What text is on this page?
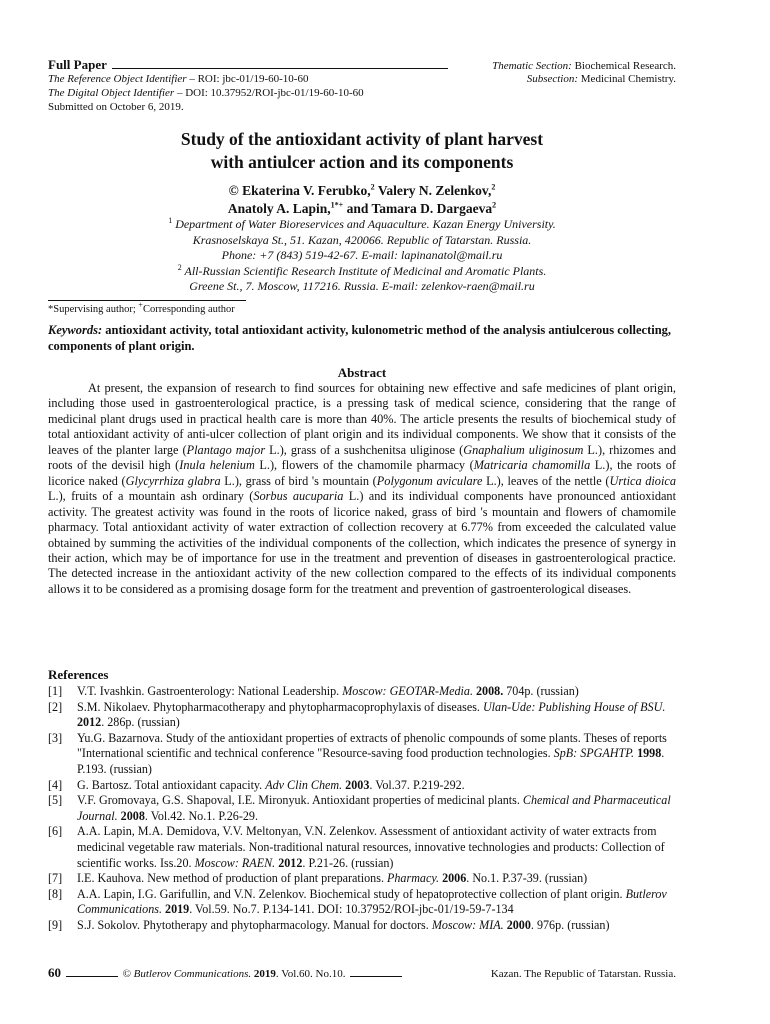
Full Paper	Thematic Section: Biochemical Research.
The Reference Object Identifier – ROI: jbc-01/19-60-10-60	Subsection: Medicinal Chemistry.
The Digital Object Identifier – DOI: 10.37952/ROI-jbc-01/19-60-10-60
Submitted on October 6, 2019.
Study of the antioxidant activity of plant harvest
with antiulcer action and its components
© Ekaterina V. Ferubko,$^2$ Valery N. Zelenkov,$^2$
Anatoly A. Lapin,$^{1*+}$ and Tamara D. Dargaeva$^2$
$^1$ Department of Water Bioreservices and Aquaculture. Kazan Energy University.
Krasnoselskaya St., 51. Kazan, 420066. Republic of Tatarstan. Russia.
Phone: +7 (843) 519-42-67. E-mail: lapinanatol@mail.ru
$^2$ All-Russian Scientific Research Institute of Medicinal and Aromatic Plants.
Greene St., 7. Moscow, 117216. Russia. E-mail: zelenkov-raen@mail.ru
*Supervising author; +Corresponding author
Keywords: antioxidant activity, total antioxidant activity, kulonometric method of the analysis antiulcerous collecting, components of plant origin.
Abstract

At present, the expansion of research to find sources for obtaining new effective and safe medicines of plant origin, including those used in gastroenterological practice, is a pressing task of medical science, considering that the range of medicinal plant drugs used in practical health care is more than 40%. The article presents the results of biochemical study of total antioxidant activity of anti-ulcer collection of plant origin and its individual components. We show that it consists of the leaves of the planter large (Plantago major L.), grass of a sushchenitsa uliginose (Gnaphalium uliginosum L.), rhizomes and roots of the devisil high (Inula helenium L.), flowers of the chamomile pharmacy (Matricaria chamomilla L.), the roots of licorice naked (Glycyrrhiza glabra L.), grass of bird 's mountain (Polygonum aviculare L.), leaves of the nettle (Urtica dioica L.), fruits of a mountain ash ordinary (Sorbus aucuparia L.) and its individual components have pronounced antioxidant activity. The greatest activity was found in the roots of licorice naked, grass of bird 's mountain and flowers of chamomile pharmacy. Total antioxidant activity of water extraction of collection recovery at 6.77% from exceeded the calculated value obtained by summing the activities of the individual components of the collection, which indicates the presence of synergy in their action, which may be of importance for use in the treatment and prevention of diseases in gastroenterological practice. The detected increase in the antioxidant activity of the new collection compared to the effects of its individual components allows it to be considered as a promising dosage form for the treatment and prevention of gastroenterological diseases.

References
[1] V.T. Ivashkin. Gastroenterology: National Leadership. Moscow: GEOTAR-Media. 2008. 704p. (russian)
[2] S.M. Nikolaev. Phytopharmacotherapy and phytopharmacoprophylaxis of diseases. Ulan-Ude: Publishing House of BSU. 2012. 286p. (russian)
[3] Yu.G. Bazarnova. Study of the antioxidant properties of extracts of phenolic compounds of some plants. Theses of reports "International scientific and technical conference "Resource-saving food production technologies. SpB: SPGAHTP. 1998. P.193. (russian)
[4] G. Bartosz. Total antioxidant capacity. Adv Clin Chem. 2003. Vol.37. P.219-292.
[5] V.F. Gromovaya, G.S. Shapoval, I.E. Mironyuk. Antioxidant properties of medicinal plants. Chemical and Pharmaceutical Journal. 2008. Vol.42. No.1. P.26-29.
[6] A.A. Lapin, M.A. Demidova, V.V. Meltonyan, V.N. Zelenkov. Assessment of antioxidant activity of water extracts from medicinal vegetable raw materials. Non-traditional natural resources, innovative technologies and products: Collection of scientific works. Iss.20. Moscow: RAEN. 2012. P.21-26. (russian)
[7] I.E. Kauhova. New method of production of plant preparations. Pharmacy. 2006. No.1. P.37-39. (russian)
[8] A.A. Lapin, I.G. Garifullin, and V.N. Zelenkov. Biochemical study of hepatoprotective collection of plant origin. Butlerov Communications. 2019. Vol.59. No.7. P.134-141. DOI: 10.37952/ROI-jbc-01/19-59-7-134
[9] S.J. Sokolov. Phytotherapy and phytopharmacology. Manual for doctors. Moscow: MIA. 2000. 976p. (russian)
60	© Butlerov Communications. 2019. Vol.60. No.10.	Kazan. The Republic of Tatarstan. Russia.
